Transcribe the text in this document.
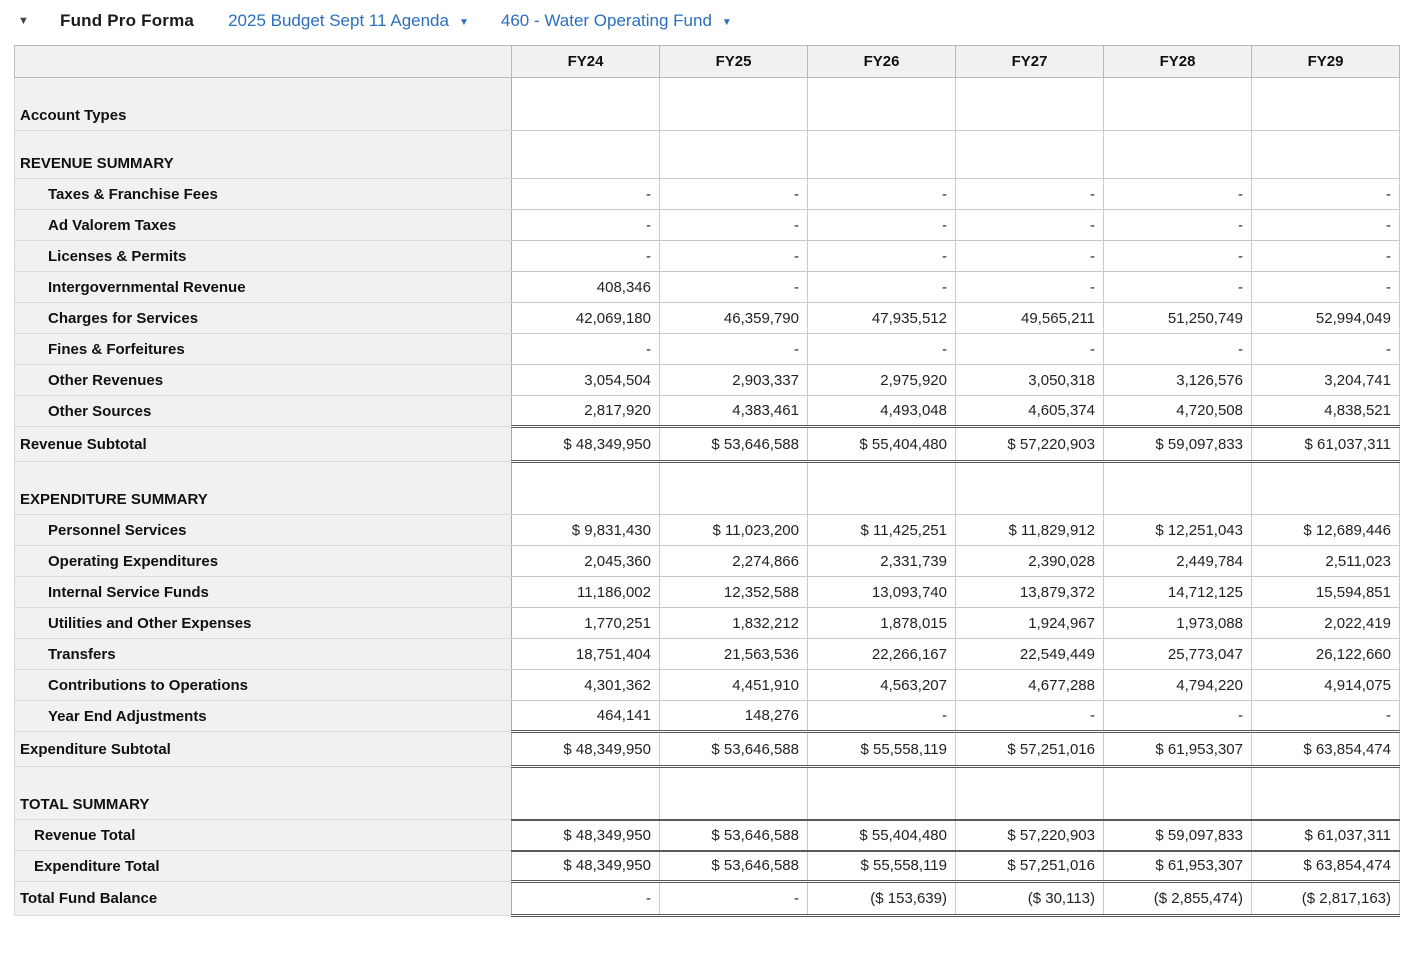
▼ Fund Pro Forma 2025 Budget Sept 11 Agenda ▼ 460 - Water Operating Fund ▼
	FY24	FY25	FY26	FY27	FY28	FY29
Account Types						
REVENUE SUMMARY						
Taxes & Franchise Fees	-	-	-	-	-	-
Ad Valorem Taxes	-	-	-	-	-	-
Licenses & Permits	-	-	-	-	-	-
Intergovernmental Revenue	408,346	-	-	-	-	-
Charges for Services	42,069,180	46,359,790	47,935,512	49,565,211	51,250,749	52,994,049
Fines & Forfeitures	-	-	-	-	-	-
Other Revenues	3,054,504	2,903,337	2,975,920	3,050,318	3,126,576	3,204,741
Other Sources	2,817,920	4,383,461	4,493,048	4,605,374	4,720,508	4,838,521
Revenue Subtotal	$ 48,349,950	$ 53,646,588	$ 55,404,480	$ 57,220,903	$ 59,097,833	$ 61,037,311
EXPENDITURE SUMMARY						
Personnel Services	$ 9,831,430	$ 11,023,200	$ 11,425,251	$ 11,829,912	$ 12,251,043	$ 12,689,446
Operating Expenditures	2,045,360	2,274,866	2,331,739	2,390,028	2,449,784	2,511,023
Internal Service Funds	11,186,002	12,352,588	13,093,740	13,879,372	14,712,125	15,594,851
Utilities and Other Expenses	1,770,251	1,832,212	1,878,015	1,924,967	1,973,088	2,022,419
Transfers	18,751,404	21,563,536	22,266,167	22,549,449	25,773,047	26,122,660
Contributions to Operations	4,301,362	4,451,910	4,563,207	4,677,288	4,794,220	4,914,075
Year End Adjustments	464,141	148,276	-	-	-	-
Expenditure Subtotal	$ 48,349,950	$ 53,646,588	$ 55,558,119	$ 57,251,016	$ 61,953,307	$ 63,854,474
TOTAL SUMMARY						
Revenue Total	$ 48,349,950	$ 53,646,588	$ 55,404,480	$ 57,220,903	$ 59,097,833	$ 61,037,311
Expenditure Total	$ 48,349,950	$ 53,646,588	$ 55,558,119	$ 57,251,016	$ 61,953,307	$ 63,854,474
Total Fund Balance	-	-	($ 153,639)	($ 30,113)	($ 2,855,474)	($ 2,817,163)
